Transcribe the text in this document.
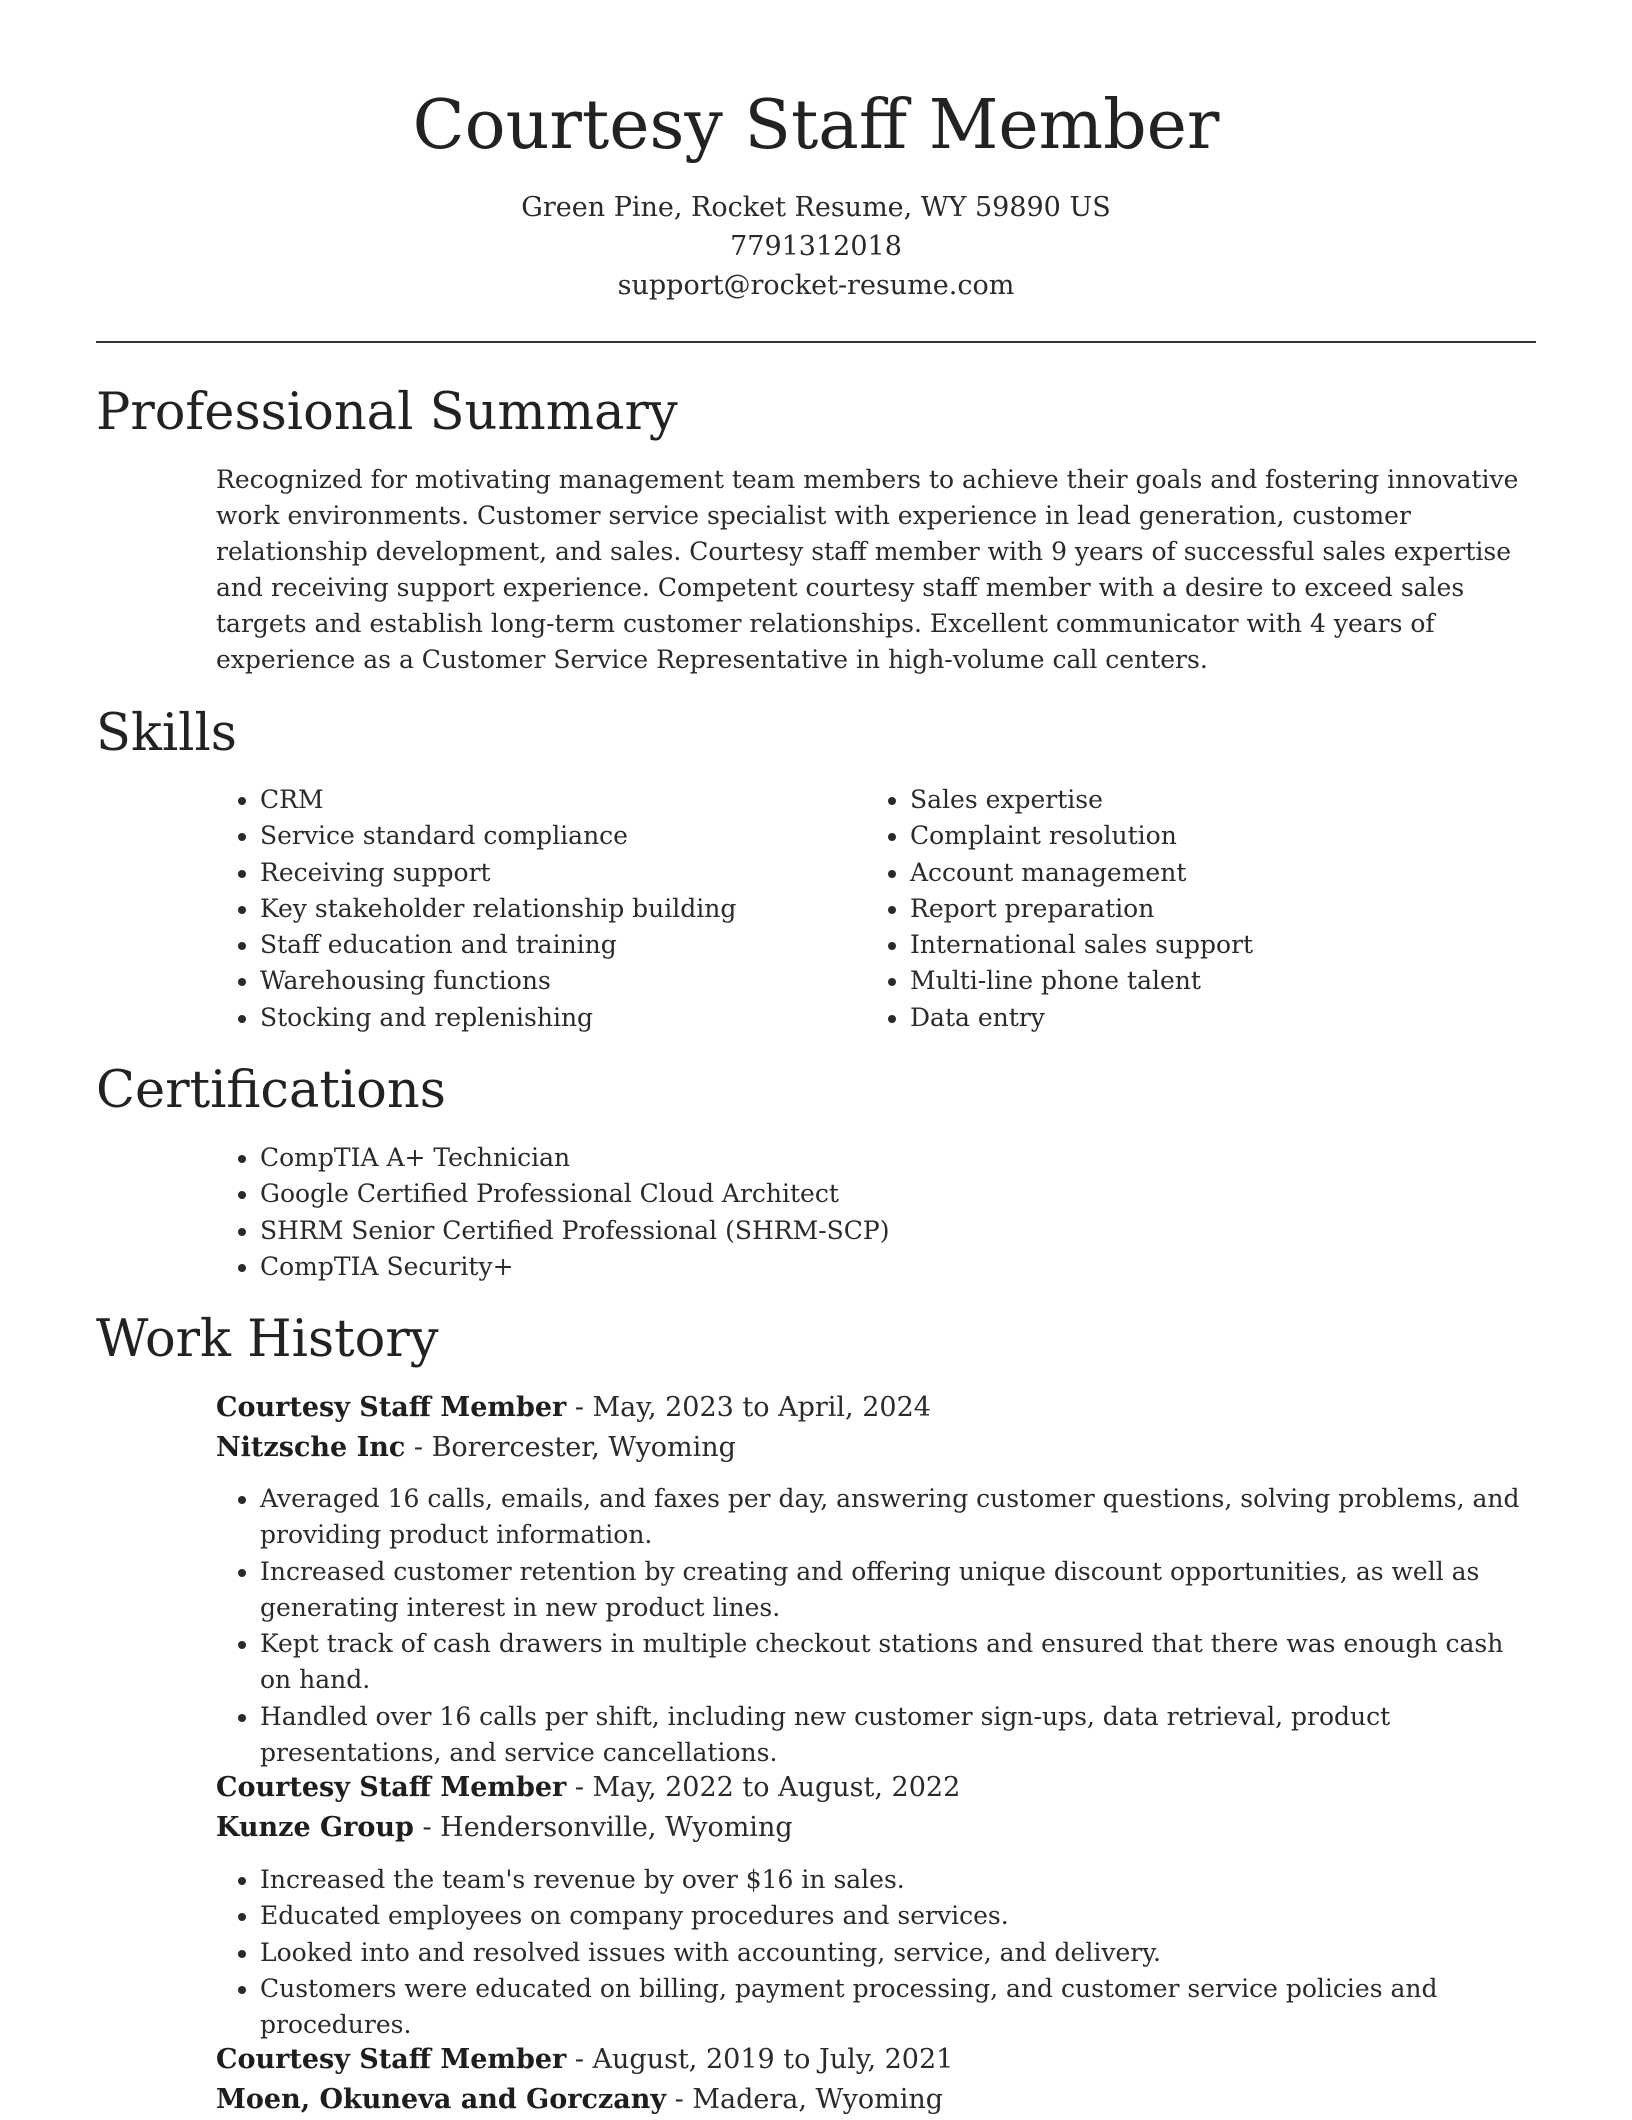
Courtesy Staff Member
Green Pine, Rocket Resume, WY 59890 US
7791312018
support@rocket-resume.com
Professional Summary

Recognized for motivating management team members to achieve their goals and fostering innovative work environments. Customer service specialist with experience in lead generation, customer relationship development, and sales. Courtesy staff member with 9 years of successful sales expertise and receiving support experience. Competent courtesy staff member with a desire to exceed sales targets and establish long-term customer relationships. Excellent communicator with 4 years of experience as a Customer Service Representative in high-volume call centers.

Skills
• CRM
• Service standard compliance
• Receiving support
• Key stakeholder relationship building
• Staff education and training
• Warehousing functions
• Stocking and replenishing
• Sales expertise
• Complaint resolution
• Account management
• Report preparation
• International sales support
• Multi-line phone talent
• Data entry
Certifications
• CompTIA A+ Technician
• Google Certified Professional Cloud Architect
• SHRM Senior Certified Professional (SHRM-SCP)
• CompTIA Security+
Work History
Courtesy Staff Member - May, 2023 to April, 2024
Nitzsche Inc - Borercester, Wyoming
• Averaged 16 calls, emails, and faxes per day, answering customer questions, solving problems, and providing product information.
• Increased customer retention by creating and offering unique discount opportunities, as well as generating interest in new product lines.
• Kept track of cash drawers in multiple checkout stations and ensured that there was enough cash on hand.
• Handled over 16 calls per shift, including new customer sign-ups, data retrieval, product presentations, and service cancellations.
Courtesy Staff Member - May, 2022 to August, 2022
Kunze Group - Hendersonville, Wyoming
• Increased the team's revenue by over $16 in sales.
• Educated employees on company procedures and services.
• Looked into and resolved issues with accounting, service, and delivery.
• Customers were educated on billing, payment processing, and customer service policies and procedures.
Courtesy Staff Member - August, 2019 to July, 2021
Moen, Okuneva and Gorczany - Madera, Wyoming
